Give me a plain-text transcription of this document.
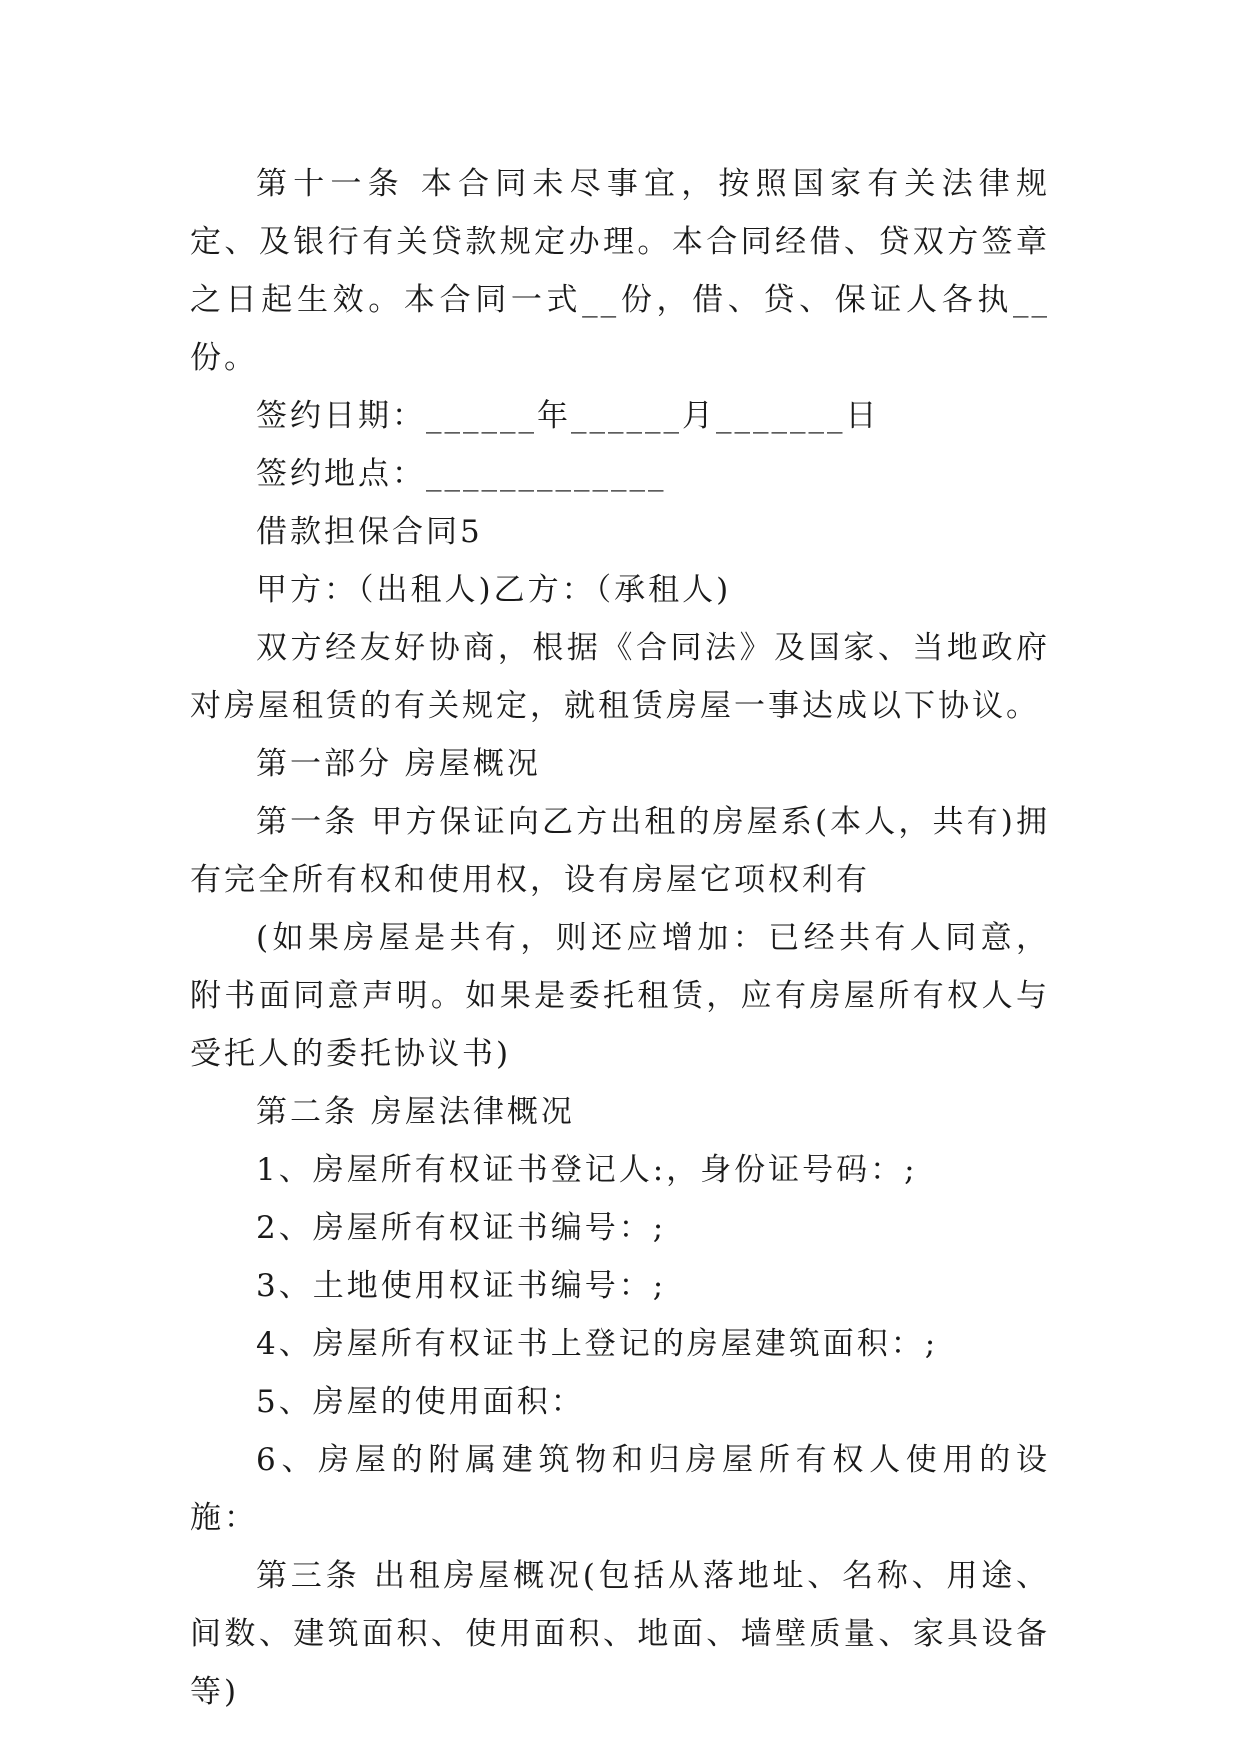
第十一条 本合同未尽事宜，按照国家有关法律规定、及银行有关贷款规定办理。本合同经借、贷双方签章之日起生效。本合同一式__份，借、贷、保证人各执__份。

签约日期：______年______月_______日

签约地点：_____________

借款担保合同5

甲方：（出租人)乙方：（承租人)

双方经友好协商，根据《合同法》及国家、当地政府对房屋租赁的有关规定，就租赁房屋一事达成以下协议。

第一部分 房屋概况

第一条 甲方保证向乙方出租的房屋系(本人，共有)拥有完全所有权和使用权，设有房屋它项权利有

(如果房屋是共有，则还应增加：已经共有人同意，附书面同意声明。如果是委托租赁，应有房屋所有权人与受托人的委托协议书)

第二条 房屋法律概况

1、房屋所有权证书登记人:，身份证号码：;

2、房屋所有权证书编号：;

3、土地使用权证书编号：;

4、房屋所有权证书上登记的房屋建筑面积：;

5、房屋的使用面积：

6、房屋的附属建筑物和归房屋所有权人使用的设施：

第三条 出租房屋概况(包括从落地址、名称、用途、间数、建筑面积、使用面积、地面、墙壁质量、家具设备等)
